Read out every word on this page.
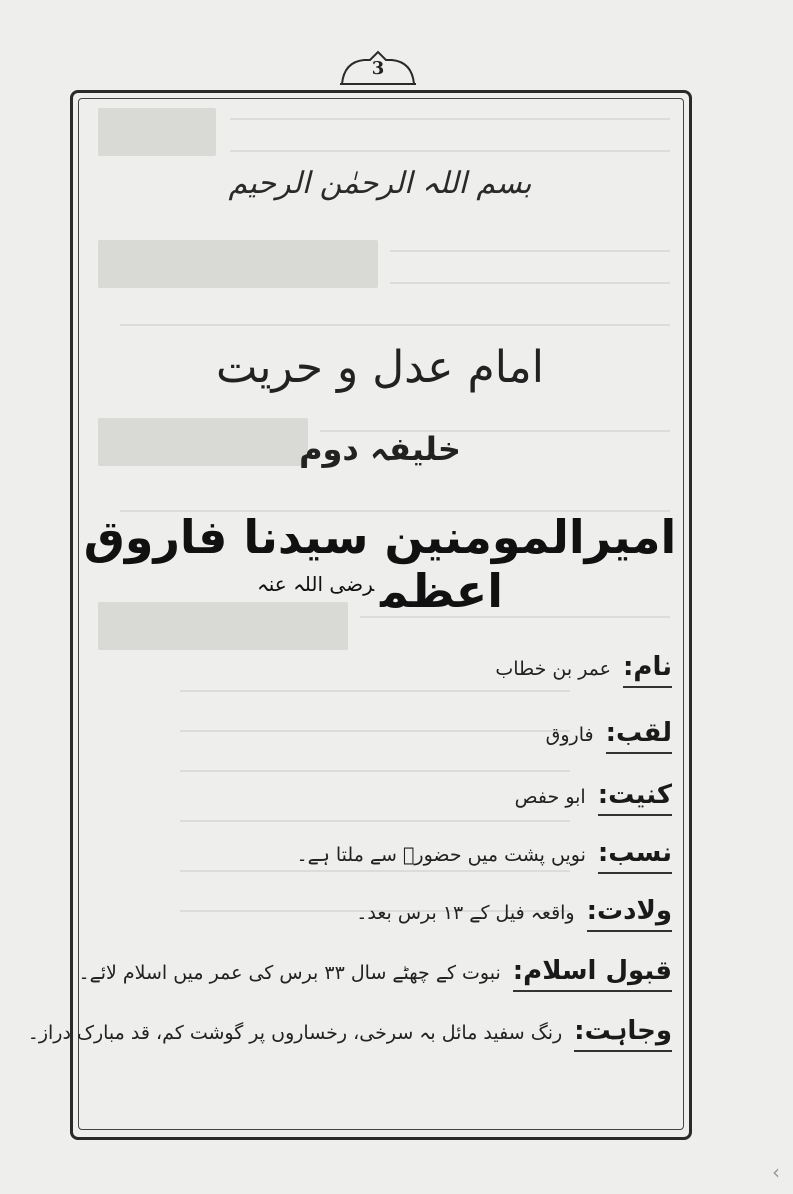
3
بسم اللہ الرحمٰن الرحیم
امام عدل و حریت
خلیفہ دوم
امیرالمومنین سیدنا فاروق اعظم$^{رضی اللہ عنہ}$
نام:
عمر بن خطاب
لقب:
فاروق
کنیت:
ابو حفص
نسب:
نویں پشت میں حضورؐ سے ملتا ہے۔
ولادت:
واقعہ فیل کے ۱۳ برس بعد۔
قبول اسلام:
نبوت کے چھٹے سال ۳۳ برس کی عمر میں اسلام لائے۔
وجاہت:
رنگ سفید مائل بہ سرخی، رخساروں پر گوشت کم، قد مبارک دراز۔
‹
